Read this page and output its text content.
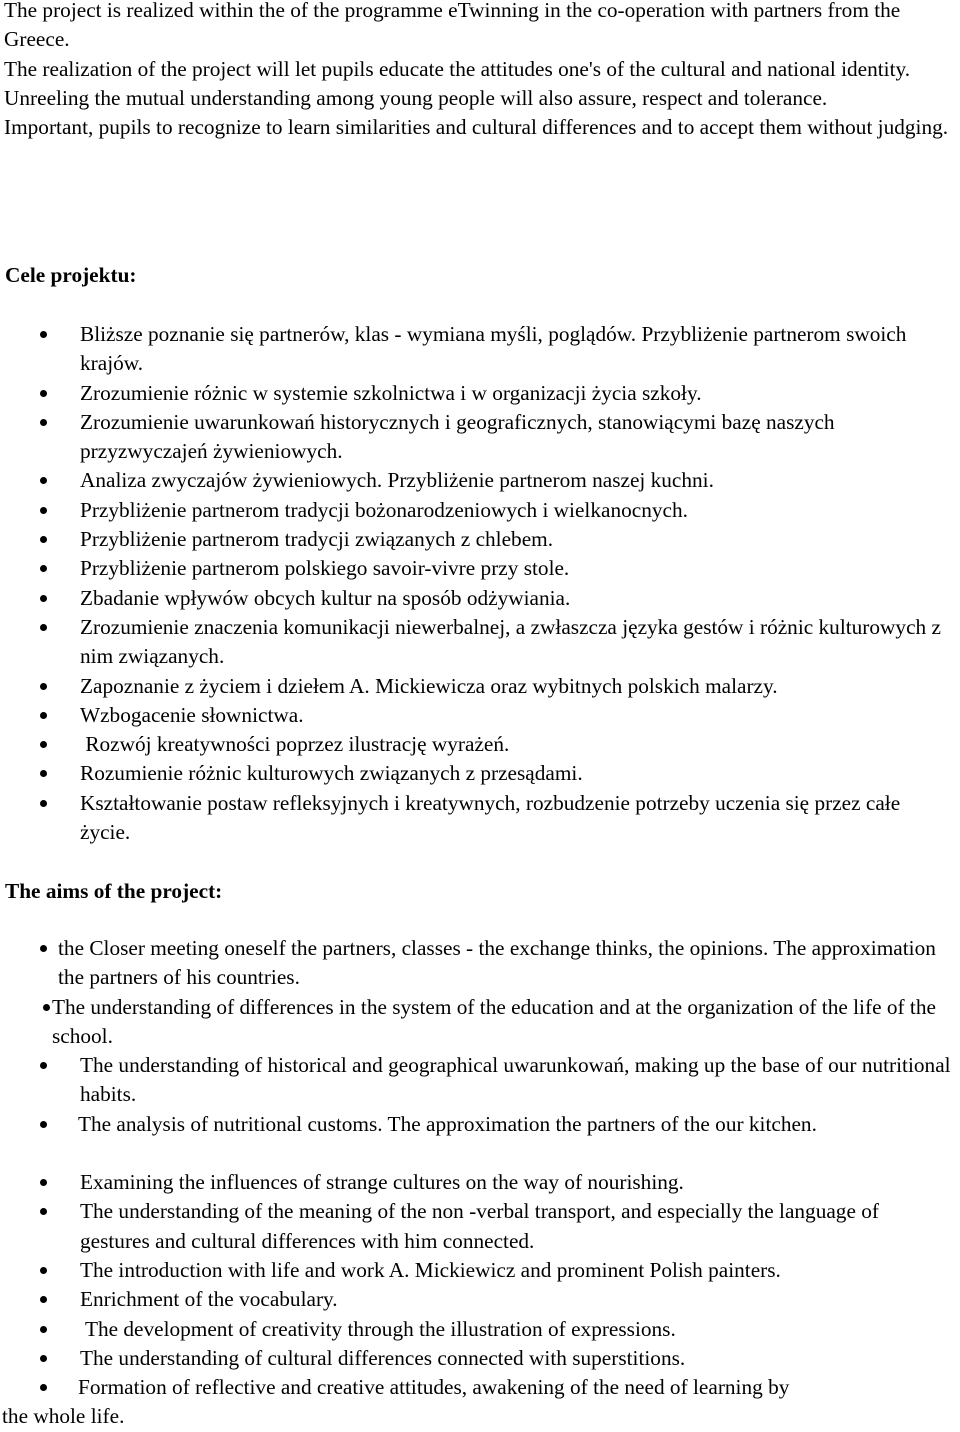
The project is realized within the of the programme eTwinning in the co-operation with partners from the Greece.

The realization of the project will let pupils educate the attitudes one's of the cultural and national identity. Unreeling the mutual understanding among young people will also assure, respect and tolerance.

Important, pupils to recognize to learn similarities and cultural differences and to accept them without judging.

Cele projektu:
Bliższe poznanie się partnerów, klas - wymiana myśli, poglądów. Przybliżenie partnerom swoich krajów.
Zrozumienie różnic w systemie szkolnictwa i w organizacji życia szkoły.
Zrozumienie uwarunkowań historycznych i geograficznych, stanowiącymi bazę naszych przyzwyczajeń żywieniowych.
Analiza zwyczajów żywieniowych. Przybliżenie partnerom naszej kuchni.
Przybliżenie partnerom tradycji bożonarodzeniowych i wielkanocnych.
Przybliżenie partnerom tradycji związanych z chlebem.
Przybliżenie partnerom polskiego savoir-vivre przy stole.
Zbadanie wpływów obcych kultur na sposób odżywiania.
Zrozumienie znaczenia komunikacji niewerbalnej, a zwłaszcza języka gestów i różnic kulturowych z nim związanych.
Zapoznanie z życiem i dziełem A. Mickiewicza oraz wybitnych polskich malarzy.
Wzbogacenie słownictwa.
Rozwój kreatywności poprzez ilustrację wyrażeń.
Rozumienie różnic kulturowych związanych z przesądami.
Kształtowanie postaw refleksyjnych i kreatywnych, rozbudzenie potrzeby uczenia się przez całe życie.
The aims of the project:
the Closer meeting oneself the partners, classes - the exchange thinks, the opinions. The approximation the partners of his countries.
The understanding of differences in the system of the education and at the organization of the life of the school.
The understanding of historical and geographical uwarunkowań, making up the base of our nutritional habits.
The analysis of nutritional customs. The approximation the partners of the our kitchen.
Examining the influences of strange cultures on the way of nourishing.
The understanding of the meaning of the non -verbal transport, and especially the language of gestures and cultural differences with him connected.
The introduction with life and work A. Mickiewicz and prominent Polish painters.
Enrichment of the vocabulary.
The development of creativity through the illustration of expressions.
The understanding of cultural differences connected with superstitions.
Formation of reflective and creative attitudes, awakening of the need of learning by
the whole life.
